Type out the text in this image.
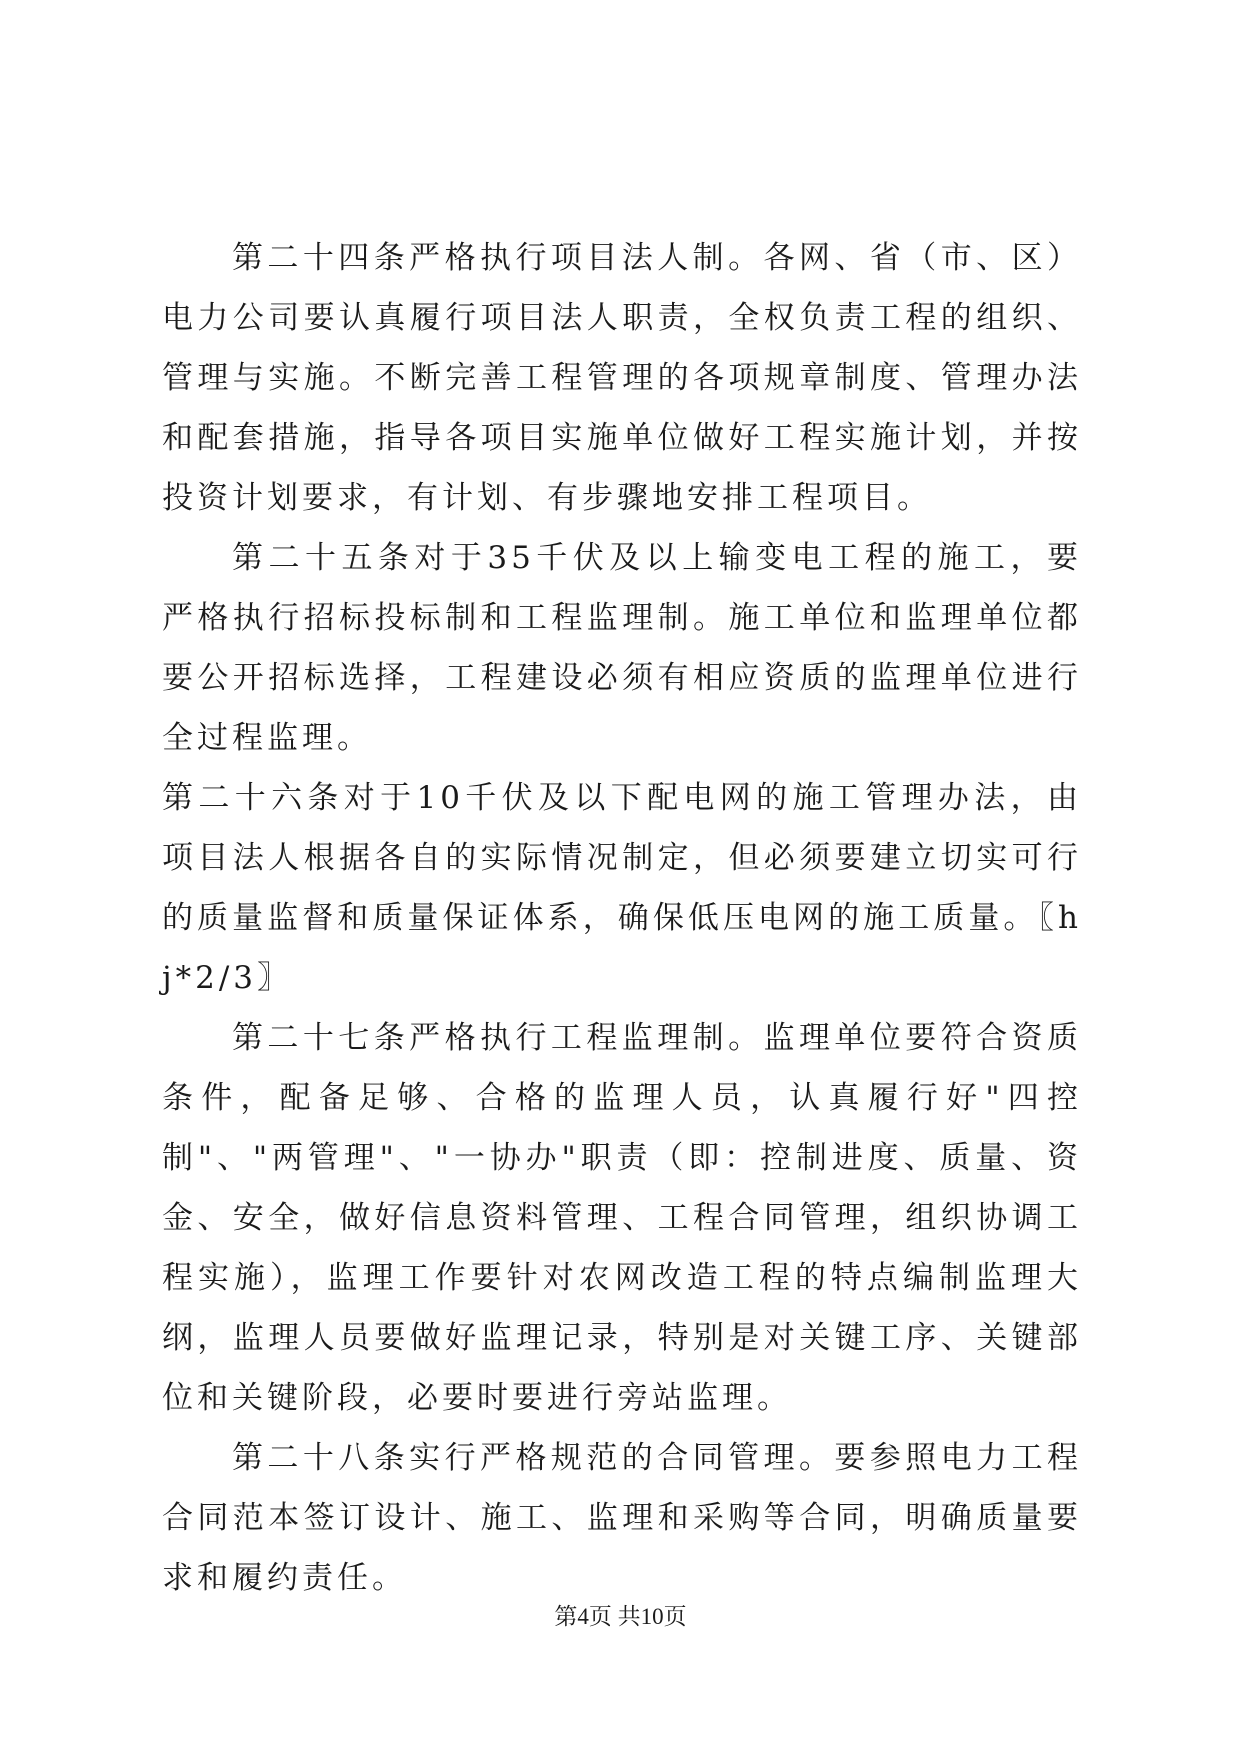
第二十四条严格执行项目法人制。各网、省（市、区）电力公司要认真履行项目法人职责，全权负责工程的组织、管理与实施。不断完善工程管理的各项规章制度、管理办法和配套措施，指导各项目实施单位做好工程实施计划，并按投资计划要求，有计划、有步骤地安排工程项目。

第二十五条对于35千伏及以上输变电工程的施工，要严格执行招标投标制和工程监理制。施工单位和监理单位都要公开招标选择，工程建设必须有相应资质的监理单位进行全过程监理。

第二十六条对于10千伏及以下配电网的施工管理办法，由项目法人根据各自的实际情况制定，但必须要建立切实可行的质量监督和质量保证体系，确保低压电网的施工质量。〖hj*2/3〗

第二十七条严格执行工程监理制。监理单位要符合资质条件，配备足够、合格的监理人员，认真履行好"四控制"、"两管理"、"一协办"职责（即：控制进度、质量、资金、安全，做好信息资料管理、工程合同管理，组织协调工程实施），监理工作要针对农网改造工程的特点编制监理大纲，监理人员要做好监理记录，特别是对关键工序、关键部位和关键阶段，必要时要进行旁站监理。

第二十八条实行严格规范的合同管理。要参照电力工程合同范本签订设计、施工、监理和采购等合同，明确质量要求和履约责任。

第4页 共10页
